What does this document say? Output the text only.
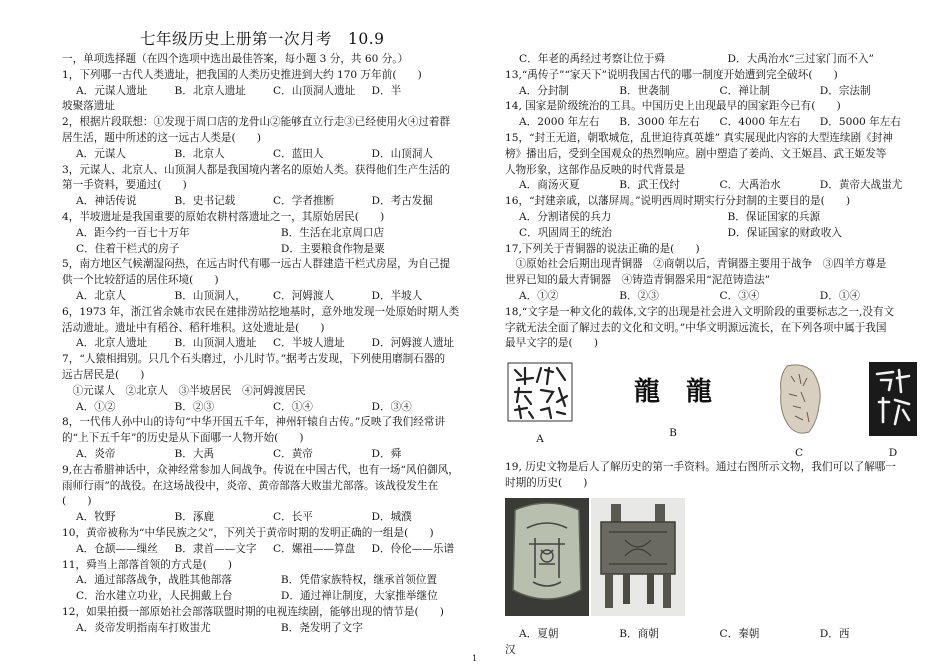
七年级历史上册第一次月考　10.9
一，单项选择题（在四个选项中选出最佳答案，每小题 3 分，共 60 分。）
1，下列哪一古代人类遗址，把我国的人类历史推进到大约 170 万年前(　　)
A．元谋人遗址	B．北京人遗址	C．山顶洞人遗址	D．半
坡聚落遗址
2，根据片段联想：①发现于周口店的龙骨山②能够直立行走③已经使用火④过着群
居生活，题中所述的这一远古人类是(　　)
A．元谋人	B．北京人	C．蓝田人	D．山顶洞人
3，元谋人、北京人、山顶洞人都是我国境内著名的原始人类。获得他们生产生活的
第一手资料，要通过(　　)
A．神话传说	B．史书记载	C．学者推断	D．考古发掘
4，半坡遗址是我国重要的原始农耕村落遗址之一，其原始居民(　　)
A．距今约一百七十万年	B．生活在北京周口店
C．住着干栏式的房子	D．主要粮食作物是粟
5，南方地区气候潮湿闷热，在远古时代有哪一远古人群建造干栏式房屋，为自己提
供一个比较舒适的居住环境(　　)
A．北京人	B．山顶洞人，	C．河姆渡人	D．半坡人
6，1973 年，浙江省余姚市农民在建排涝站挖地基时，意外地发现一处原始时期人类
活动遗址。遗址中有稻谷、稻秆堆积。这处遗址是(　　)
A．北京人遗址	B．山顶洞人遗址	C．半坡人遗址	D．河姆渡人遗址
7，“人猿相揖别。只几个石头磨过，小儿时节。”据考古发现，下列使用磨制石器的
远古居民是(　　)
　①元谋人　②北京人　③半坡居民　④河姆渡居民
A．①②	B．②③	C．①④	D．③④
8，一代伟人孙中山的诗句“中华开国五千年，神州轩辕自古传。”反映了我们经常讲
的“上下五千年”的历史是从下面哪一人物开始(　　)
A．炎帝	B．大禹	C．黄帝	D．舜
9,在古希腊神话中，众神经常参加人间战争。传说在中国古代，也有一场“风伯御风，
雨师行雨”的战役。在这场战役中，炎帝、黄帝部落大败蚩尤部落。该战役发生在
(　　)
A．牧野	B．涿鹿	C．长平	D．城濮
10，黄帝被称为“中华民族之父”，下列关于黄帝时期的发明正确的一组是(　　)
A．仓颉——缫丝	B．隶首——文字	C．嫘祖——算盘	D．伶伦——乐谱
11，舜当上部落首领的方式是(　　)
A．通过部落战争，战胜其他部落	B．凭借家族特权，继承首领位置
C．治水建立功业，人民拥戴上台	D．通过禅让制度，大家推举继位
12，如果拍摄一部原始社会部落联盟时期的电视连续剧，能够出现的情节是(　　)
A．炎帝发明指南车打败蚩尤	B．尧发明了文字
C．年老的禹经过考察让位于舜	D．大禹治水“三过家门而不入”
13,“禹传子”“家天下”说明我国古代的哪一制度开始遭到完全破坏(　　)
A．分封制	B．世袭制	C．禅让制	D．宗法制
14, 国家是阶级统治的工具。中国历史上出现最早的国家距今已有(　　)
A．2000 年左右	B．3000 年左右	C．4000 年左右	D．5000 年左右
15，“封王无道，朝歌城危，乱世迫待真英雄” 真实展现此内容的大型连续剧《封神
榜》播出后，受到全国观众的热烈响应。剧中塑造了姜尚、文王姬昌、武王姬发等
人物形象，这部作品反映的时代背景是
A．商汤灭夏	B．武王伐纣	C．大禹治水	D．黄帝大战蚩尤
16，“封建亲戚，以藩屏周。”说明西周时期实行分封制的主要目的是(　　)
A．分割诸侯的兵力	B．保证国家的兵源
C．巩固周王的统治	D．保证国家的财政收入
17,下列关于青铜器的说法正确的是(　　)
　①原始社会后期出现青铜器　②商朝以后，青铜器主要用于战争　③四羊方尊是
世界已知的最大青铜器　④铸造青铜器采用“泥范铸造法”
A．①②	B．②③	C．③④	D．①④
18,“文字是一种文化的载体,文字的出现是社会进入文明阶段的重要标志之一,没有文
字就无法全面了解过去的文化和文明。”中华文明源远流长，在下列各项中属于我国
最早文字的是(　　)
A
龍　龍
B
C	D
19, 历史文物是后人了解历史的第一手资料。通过右图所示文物，我们可以了解哪一
时期的历史(　　)
A．夏朝	B．商朝	C．秦朝	D．西
汉
1
